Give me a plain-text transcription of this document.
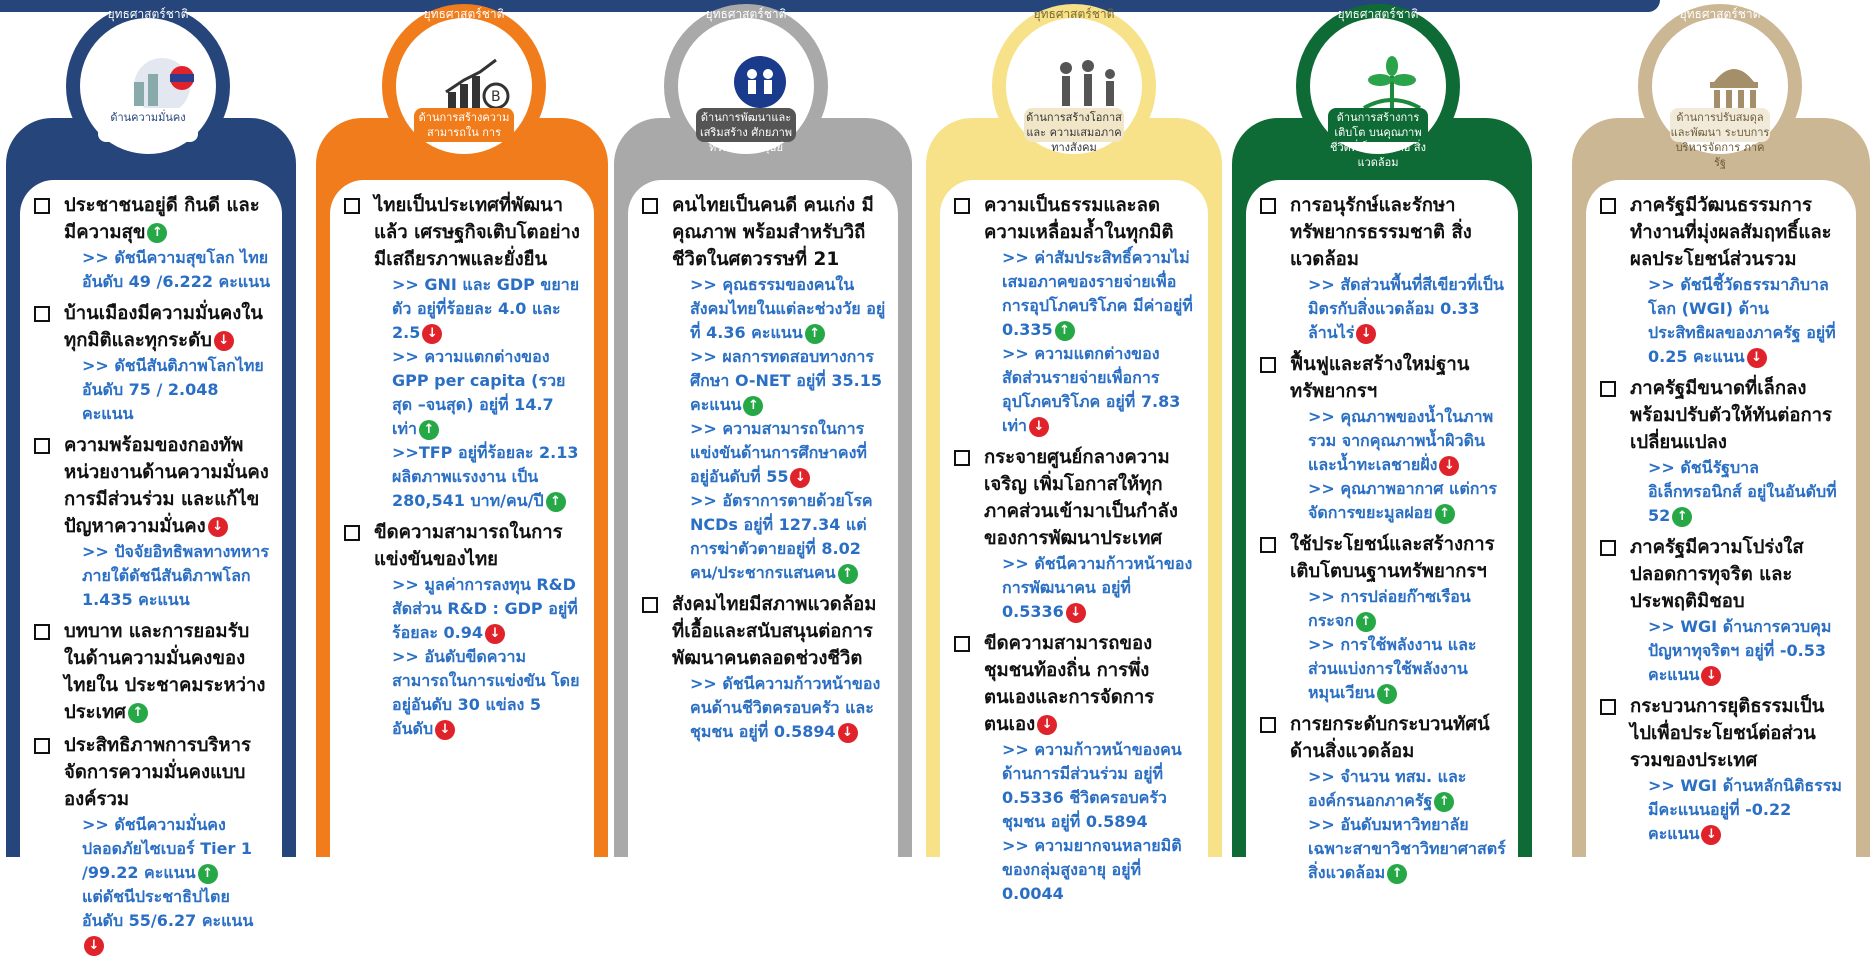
ประชาชนอยู่ดี กินดี และมีความสุข ↑
>> ดัชนีความสุขโลก ไทยอันดับ 49 /6.222 คะแนน
บ้านเมืองมีความมั่นคงในทุกมิติและทุกระดับ ↓
>> ดัชนีสันติภาพโลกไทย อันดับ 75 / 2.048 คะแนน
ความพร้อมของกองทัพ หน่วยงานด้านความมั่นคง การมีส่วนร่วม และแก้ไขปัญหาความมั่นคง ↓
>> ปัจจัยอิทธิพลทางทหาร ภายใต้ดัชนีสันติภาพโลก 1.435 คะแนน
บทบาท และการยอมรับในด้านความมั่นคงของไทยใน ประชาคมระหว่างประเทศ ↑
ประสิทธิภาพการบริหารจัดการความมั่นคงแบบองค์รวม
>> ดัชนีความมั่นคงปลอดภัยไซเบอร์ Tier 1 /99.22 คะแนน ↑
แต่ดัชนีประชาธิปไตย อันดับ 55/6.27 คะแนน↓
ยุทธศาสตร์ชาติ
ด้านความมั่นคง
ไทยเป็นประเทศที่พัฒนาแล้ว เศรษฐกิจเติบโตอย่างมีเสถียรภาพและยั่งยืน
>> GNI และ GDP ขยายตัว อยู่ที่ร้อยละ 4.0 และ 2.5 ↓
>> ความแตกต่างของ GPP per capita (รวยสุด –จนสุด) อยู่ที่ 14.7 เท่า ↑
>>TFP อยู่ที่ร้อยละ 2.13 ผลิตภาพแรงงาน เป็น 280,541 บาท/คน/ปี ↑
ขีดความสามารถในการแข่งขันของไทย
>> มูลค่าการลงทุน R&D สัดส่วน R&D : GDP อยู่ที่ร้อยละ 0.94 ↓
>> อันดับขีดความสามารถในการแข่งขัน โดยอยู่อันดับ 30 แข่ลง 5 อันดับ ↓
ยุทธศาสตร์ชาติ
B
ด้านการสร้างความสามารถใน การแข่งขัน
คนไทยเป็นคนดี คนเก่ง มีคุณภาพ พร้อมสำหรับวิถีชีวิตในศตวรรษที่ 21
>> คุณธรรมของคนในสังคมไทยในแต่ละช่วงวัย อยู่ที่ 4.36 คะแนน ↑
>> ผลการทดสอบทางการศึกษา O-NET อยู่ที่ 35.15 คะแนน ↑
>> ความสามารถในการแข่งขันด้านการศึกษาคงที่ อยู่อันดับที่ 55 ↓
>> อัตราการตายด้วยโรค NCDs อยู่ที่ 127.34 แต่การฆ่าตัวตายอยู่ที่ 8.02 คน/ประชากรแสนคน ↑
สังคมไทยมีสภาพแวดล้อมที่เอื้อและสนับสนุนต่อการพัฒนาคนตลอดช่วงชีวิต
>> ดัชนีความก้าวหน้าของคนด้านชีวิตครอบครัว และชุมชน อยู่ที่ 0.5894 ↓
ยุทธศาสตร์ชาติ
ด้านการพัฒนาและเสริมสร้าง ศักยภาพทรัพยากรมนุษย์
ความเป็นธรรมและลดความเหลื่อมล้ำในทุกมิติ
>> ค่าสัมประสิทธิ์ความไม่เสมอภาคของรายจ่ายเพื่อการอุปโภคบริโภค มีค่าอยู่ที่ 0.335 ↑
>> ความแตกต่างของสัดส่วนรายจ่ายเพื่อการอุปโภคบริโภค อยู่ที่ 7.83 เท่า ↓
กระจายศูนย์กลางความเจริญ เพิ่มโอกาสให้ทุกภาคส่วนเข้ามาเป็นกำลังของการพัฒนาประเทศ
>> ดัชนีความก้าวหน้าของการพัฒนาคน อยู่ที่ 0.5336 ↓
ขีดความสามารถของชุมชนท้องถิ่น การพึ่งตนเองและการจัดการตนเอง ↓
>> ความก้าวหน้าของคนด้านการมีส่วนร่วม อยู่ที่ 0.5336 ชีวิตครอบครัวชุมชน อยู่ที่ 0.5894
>> ความยากจนหลายมิติของกลุ่มสูงอายุ อยู่ที่ 0.0044
ยุทธศาสตร์ชาติ
ด้านการสร้างโอกาสและ ความเสมอภาคทางสังคม
การอนุรักษ์และรักษาทรัพยากรธรรมชาติ สิ่งแวดล้อม
>> สัดส่วนพื้นที่สีเขียวที่เป็นมิตรกับสิ่งแวดล้อม 0.33 ล้านไร่ ↓
ฟื้นฟูและสร้างใหม่ฐานทรัพยากรฯ
>> คุณภาพของน้ำในภาพรวม จากคุณภาพน้ำผิวดินและน้ำทะเลชายฝั่ง ↓
>> คุณภาพอากาศ แต่การจัดการขยะมูลฝอย ↑
ใช้ประโยชน์และสร้างการเติบโตบนฐานทรัพยากรฯ
>> การปล่อยก๊าซเรือนกระจก ↑
>> การใช้พลังงาน และ ส่วนแบ่งการใช้พลังงานหมุนเวียน ↑
การยกระดับกระบวนทัศน์ด้านสิ่งแวดล้อม
>> จำนวน ทสม. และองค์กรนอกภาครัฐ ↑
>> อันดับมหาวิทยาลัยเฉพาะสาขาวิชาวิทยาศาสตร์ สิ่งแวดล้อม ↑
ยุทธศาสตร์ชาติ
ด้านการสร้างการเติบโต บนคุณภาพชีวิตที่เป็นมิตรต่อ สิ่งแวดล้อม
ภาครัฐมีวัฒนธรรมการทำงานที่มุ่งผลสัมฤทธิ์และผลประโยชน์ส่วนรวม
>> ดัชนีชี้วัดธรรมาภิบาลโลก (WGI) ด้านประสิทธิผลของภาครัฐ อยู่ที่ 0.25 คะแนน ↓
ภาครัฐมีขนาดที่เล็กลง พร้อมปรับตัวให้ทันต่อการเปลี่ยนแปลง
>> ดัชนีรัฐบาลอิเล็กทรอนิกส์ อยู่ในอันดับที่ 52 ↑
ภาครัฐมีความโปร่งใส ปลอดการทุจริต และประพฤติมิชอบ
>> WGI ด้านการควบคุมปัญหาทุจริตฯ อยู่ที่ -0.53 คะแนน ↓
กระบวนการยุติธรรมเป็นไปเพื่อประโยชน์ต่อส่วนรวมของประเทศ
>> WGI ด้านหลักนิติธรรม มีคะแนนอยู่ที่ -0.22 คะแนน ↓
ยุทธศาสตร์ชาติ
ด้านการปรับสมดุลและพัฒนา ระบบการบริหารจัดการ ภาครัฐ
